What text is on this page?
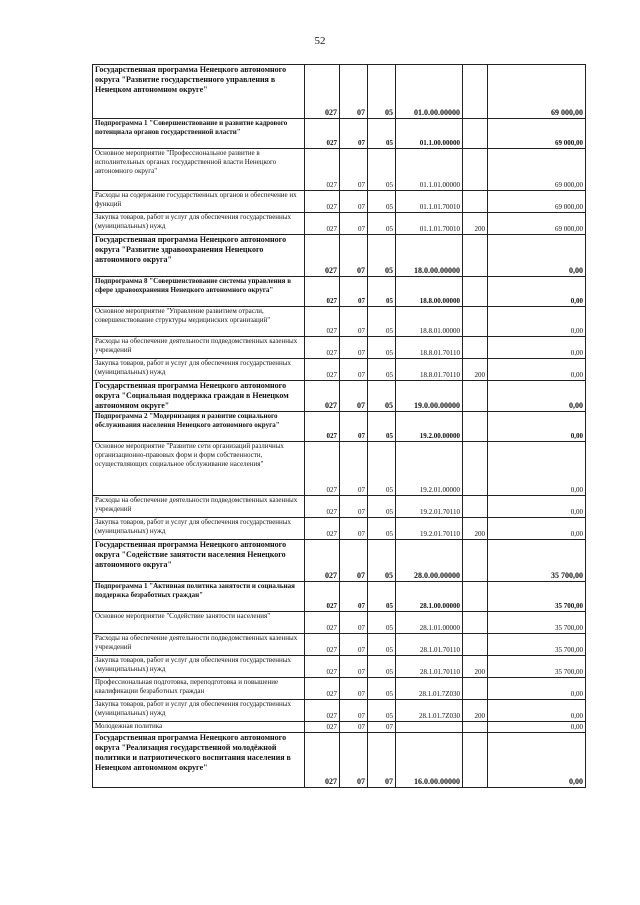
52
Государственная программа Ненецкого автономного округа "Развитие государственного управления в Ненецком автономном округе"	027	07	05	01.0.00.00000		69 000,00
Подпрограмма 1 "Совершенствование и развитие кадрового потенциала органов государственной власти"	027	07	05	01.1.00.00000		69 000,00
Основное мероприятие "Профессиональное развитие в исполнительных органах государственной власти Ненецкого автономного округа"	027	07	05	01.1.01.00000		69 000,00
Расходы на содержание государственных органов и обеспечение их функций	027	07	05	01.1.01.70010		69 000,00
Закупка товаров, работ и услуг для обеспечения государственных (муниципальных) нужд	027	07	05	01.1.01.70010	200	69 000,00
Государственная программа Ненецкого автономного округа "Развитие здравоохранения Ненецкого автономного округа"	027	07	05	18.0.00.00000		0,00
Подпрограмма 8 "Совершенствование системы управления в сфере здравоохранения Ненецкого автономного округа"	027	07	05	18.8.00.00000		0,00
Основное мероприятие "Управление развитием отрасли, совершенствование структуры медицинских организаций"	027	07	05	18.8.01.00000		0,00
Расходы на обеспечение деятельности подведомственных казенных учреждений	027	07	05	18.8.01.70110		0,00
Закупка товаров, работ и услуг для обеспечения государственных (муниципальных) нужд	027	07	05	18.8.01.70110	200	0,00
Государственная программа Ненецкого автономного округа "Социальная поддержка граждан в Ненецком автономном округе"	027	07	05	19.0.00.00000		0,00
Подпрограмма 2 "Модернизация и развитие социального обслуживания населения Ненецкого автономного округа"	027	07	05	19.2.00.00000		0,00
Основное мероприятие "Развитие сети организаций различных организационно-правовых форм и форм собственности, осуществляющих социальное обслуживание населения"	027	07	05	19.2.01.00000		0,00
Расходы на обеспечение деятельности подведомственных казенных учреждений	027	07	05	19.2.01.70110		0,00
Закупка товаров, работ и услуг для обеспечения государственных (муниципальных) нужд	027	07	05	19.2.01.70110	200	0,00
Государственная программа Ненецкого автономного округа "Содействие занятости населения Ненецкого автономного округа"	027	07	05	28.0.00.00000		35 700,00
Подпрограмма 1 "Активная политика занятости и социальная поддержка безработных граждан"	027	07	05	28.1.00.00000		35 700,00
Основное мероприятие "Содействие занятости населения"	027	07	05	28.1.01.00000		35 700,00
Расходы на обеспечение деятельности подведомственных казенных учреждений	027	07	05	28.1.01.70110		35 700,00
Закупка товаров, работ и услуг для обеспечения государственных (муниципальных) нужд	027	07	05	28.1.01.70110	200	35 700,00
Профессиональная подготовка, переподготовка и повышение квалификации безработных граждан	027	07	05	28.1.01.7Z030		0,00
Закупка товаров, работ и услуг для обеспечения государственных (муниципальных) нужд	027	07	05	28.1.01.7Z030	200	0,00
Молодежная политика	027	07	07			0,00
Государственная программа Ненецкого автономного округа "Реализация государственной молодёжной политики и патриотического воспитания населения в Ненецком автономном округе"	027	07	07	16.0.00.00000		0,00
